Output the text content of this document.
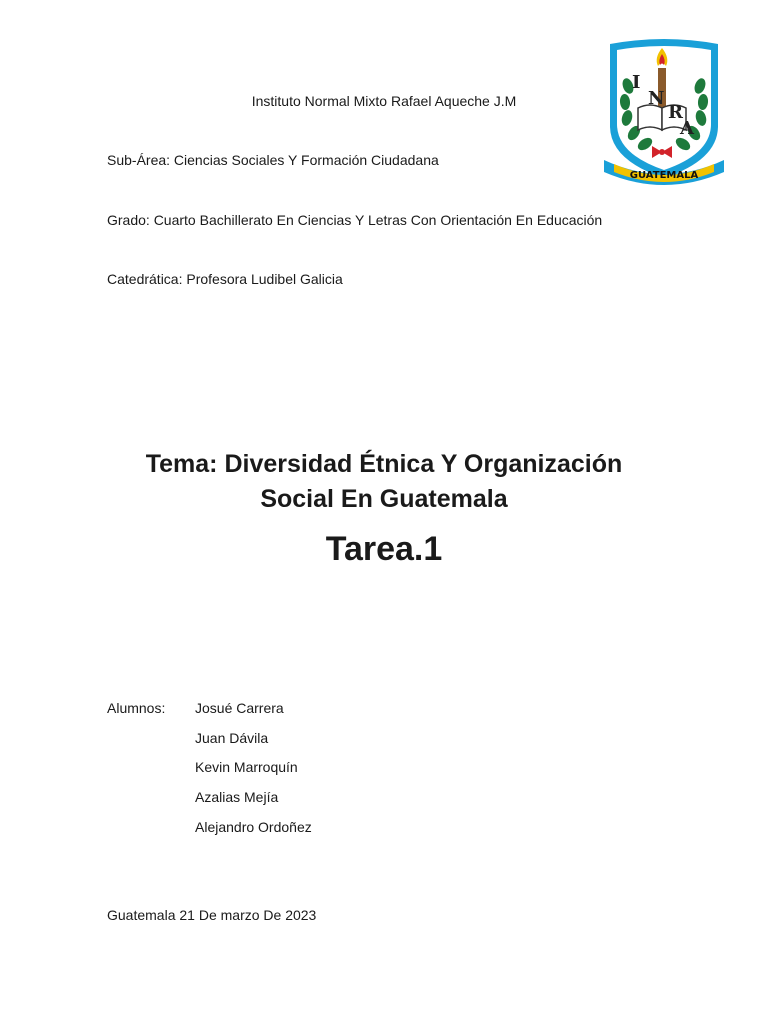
Instituto Normal Mixto Rafael Aqueche J.M
Sub-Área: Ciencias Sociales Y Formación Ciudadana
Grado: Cuarto Bachillerato En Ciencias Y Letras Con Orientación En Educación
Catedrática: Profesora Ludibel Galicia
I
N
R
A
GUATEMALA
Tema: Diversidad Étnica Y Organización
Social En Guatemala
Tarea.1
Alumnos: Josué Carrera
Juan Dávila
Kevin Marroquín
Azalias Mejía
Alejandro Ordoñez
Guatemala 21 De marzo De 2023
